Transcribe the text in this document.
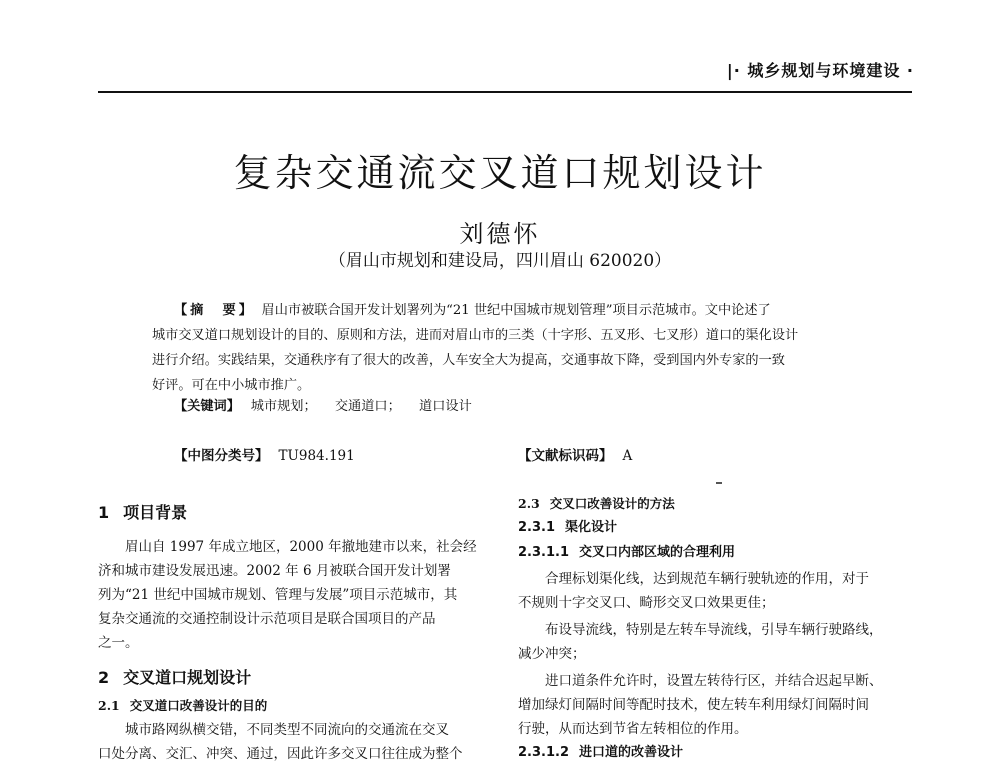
|· 城乡规划与环境建设 ·
复杂交通流交叉道口规划设计
刘德怀
（眉山市规划和建设局，四川眉山 620020）
【摘　要】　 眉山市被联合国开发计划署列为“21 世纪中国城市规划管理”项目示范城市。文中论述了
城市交叉道口规划设计的目的、原则和方法，进而对眉山市的三类（十字形、五叉形、七叉形）道口的渠化设计
进行介绍。实践结果，交通秩序有了很大的改善，人车安全大为提高，交通事故下降，受到国内外专家的一致
好评。可在中小城市推广。
【关键词】　 城市规划； 交通道口； 道口设计
【中图分类号】 TU984.191	【文献标识码】 A
1 项目背景
眉山自 1997 年成立地区，2000 年撤地建市以来，社会经
济和城市建设发展迅速。2002 年 6 月被联合国开发计划署
列为“21 世纪中国城市规划、管理与发展”项目示范城市，其
复杂交通流的交通控制设计示范项目是联合国项目的产品
之一。
2 交叉道口规划设计
2.1 交叉道口改善设计的目的
城市路网纵横交错，不同类型不同流向的交通流在交叉
口处分离、交汇、冲突、通过，因此许多交叉口往往成为整个
2.3 交叉口改善设计的方法
2.3.1 渠化设计
2.3.1.1 交叉口内部区域的合理利用
合理标划渠化线，达到规范车辆行驶轨迹的作用，对于
不规则十字交叉口、畸形交叉口效果更佳；
布设导流线，特别是左转车导流线，引导车辆行驶路线，
减少冲突；
进口道条件允许时，设置左转待行区，并结合迟起早断、
增加绿灯间隔时间等配时技术，使左转车利用绿灯间隔时间
行驶，从而达到节省左转相位的作用。
2.3.1.2 进口道的改善设计
